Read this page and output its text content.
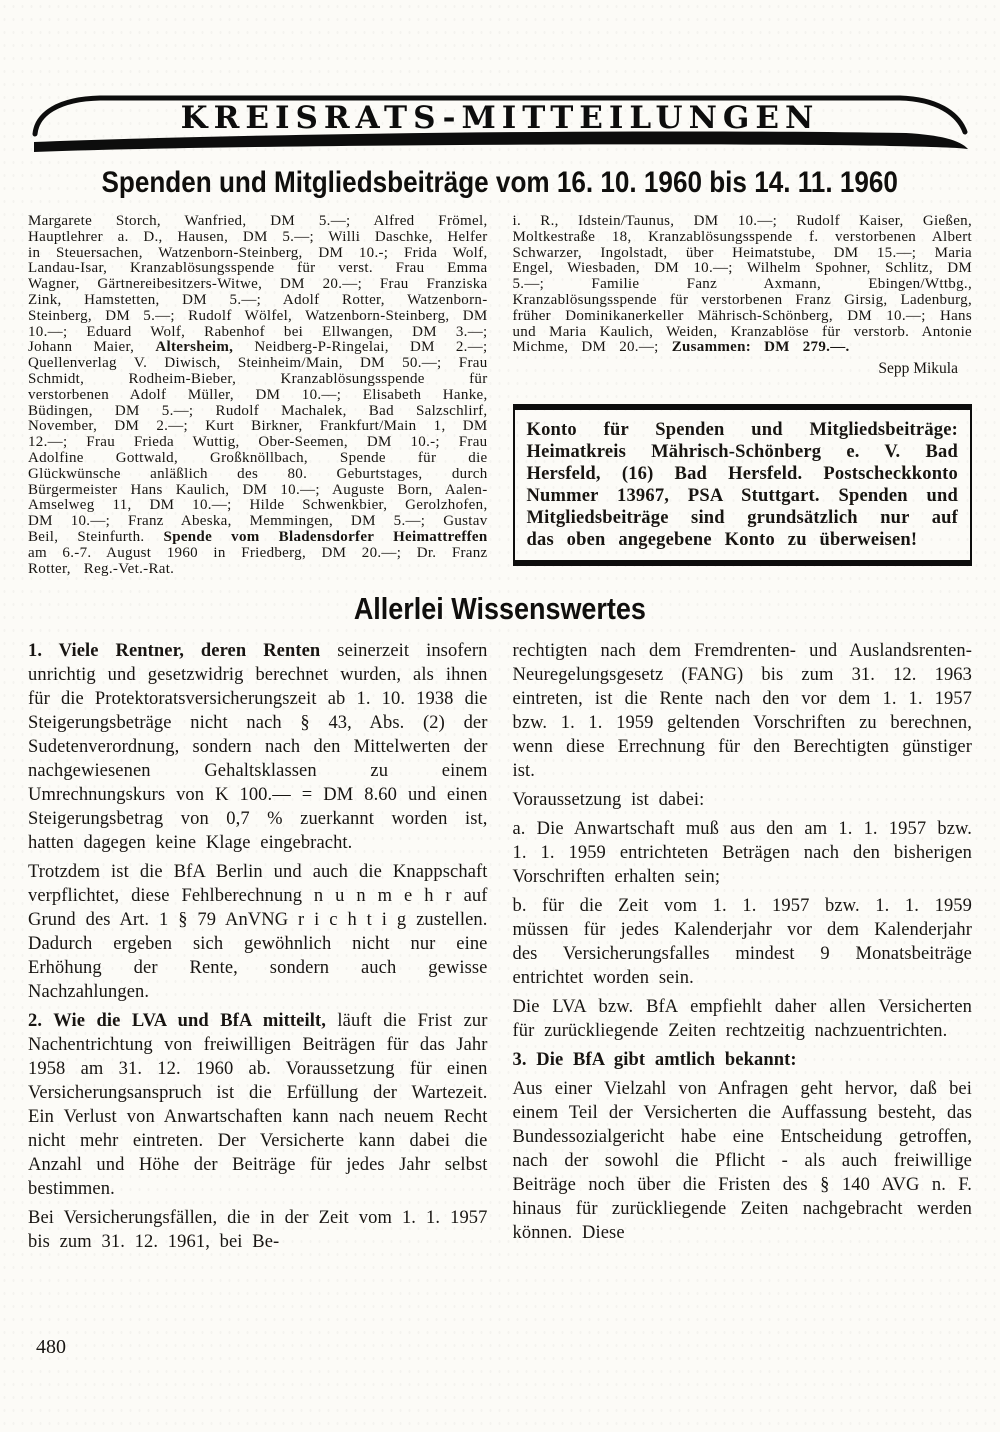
KREISRATS-MITTEILUNGEN
Spenden und Mitgliedsbeiträge vom 16. 10. 1960 bis 14. 11. 1960
Margarete Storch, Wanfried, DM 5.—; Alfred Frömel, Hauptlehrer a. D., Hausen, DM 5.—; Willi Daschke, Helfer in Steuersachen, Watzenborn-Steinberg, DM 10.-; Frida Wolf, Landau-Isar, Kranzablösungsspende für verst. Frau Emma Wagner, Gärtnereibesitzers-Witwe, DM 20.—; Frau Franziska Zink, Hamstetten, DM 5.—; Adolf Rotter, Watzenborn-Steinberg, DM 5.—; Rudolf Wölfel, Watzenborn-Steinberg, DM 10.—; Eduard Wolf, Rabenhof bei Ellwangen, DM 3.—; Johann Maier, Altersheim, Neidberg-P-Ringelai, DM 2.—; Quellenverlag V. Diwisch, Steinheim/Main, DM 50.—; Frau Schmidt, Rodheim-Bieber, Kranzablösungsspende für verstorbenen Adolf Müller, DM 10.—; Elisabeth Hanke, Büdingen, DM 5.—; Rudolf Machalek, Bad Salzschlirf, November, DM 2.—; Kurt Birkner, Frankfurt/Main 1, DM 12.—; Frau Frieda Wuttig, Ober-Seemen, DM 10.-; Frau Adolfine Gottwald, Großknöllbach, Spende für die Glückwünsche anläßlich des 80. Geburtstages, durch Bürgermeister Hans Kaulich, DM 10.—; Auguste Born, Aalen-Amselweg 11, DM 10.—; Hilde Schwenkbier, Gerolzhofen, DM 10.—; Franz Abeska, Memmingen, DM 5.—; Gustav Beil, Steinfurth. Spende vom Bladensdorfer Heimattreffen am 6.-7. August 1960 in Friedberg, DM 20.—; Dr. Franz Rotter, Reg.-Vet.-Rat.
i. R., Idstein/Taunus, DM 10.—; Rudolf Kaiser, Gießen, Moltkestraße 18, Kranzablösungsspende f. verstorbenen Albert Schwarzer, Ingolstadt, über Heimatstube, DM 15.—; Maria Engel, Wiesbaden, DM 10.—; Wilhelm Spohner, Schlitz, DM 5.—; Familie Fanz Axmann, Ebingen/Wttbg., Kranzablösungsspende für verstorbenen Franz Girsig, Ladenburg, früher Dominikanerkeller Mährisch-Schönberg, DM 10.—; Hans und Maria Kaulich, Weiden, Kranzablöse für verstorb. Antonie Michme, DM 20.—; Zusammen: DM 279.—.
Sepp Mikula
Konto für Spenden und Mitgliedsbeiträge: Heimatkreis Mährisch-Schönberg e. V. Bad Hersfeld, (16) Bad Hersfeld. Postscheckkonto Nummer 13967, PSA Stuttgart. Spenden und Mitgliedsbeiträge sind grundsätzlich nur auf das oben angegebene Konto zu überweisen!
Allerlei Wissenswertes

1. Viele Rentner, deren Renten seinerzeit insofern unrichtig und gesetzwidrig berechnet wurden, als ihnen für die Protektoratsversicherungszeit ab 1. 10. 1938 die Steigerungsbeträge nicht nach § 43, Abs. (2) der Sudetenverordnung, sondern nach den Mittelwerten der nachgewiesenen Gehaltsklassen zu einem Umrechnungskurs von K 100.— = DM 8.60 und einen Steigerungsbetrag von 0,7 % zuerkannt worden ist, hatten dagegen keine Klage eingebracht.

Trotzdem ist die BfA Berlin und auch die Knappschaft verpflichtet, diese Fehlberechnung n u n m e h r auf Grund des Art. 1 § 79 AnVNG r i c h t i g zustellen. Dadurch ergeben sich gewöhnlich nicht nur eine Erhöhung der Rente, sondern auch gewisse Nachzahlungen.

2. Wie die LVA und BfA mitteilt, läuft die Frist zur Nachentrichtung von freiwilligen Beiträgen für das Jahr 1958 am 31. 12. 1960 ab. Voraussetzung für einen Versicherungsanspruch ist die Erfüllung der Wartezeit. Ein Verlust von Anwartschaften kann nach neuem Recht nicht mehr eintreten. Der Versicherte kann dabei die Anzahl und Höhe der Beiträge für jedes Jahr selbst bestimmen.

Bei Versicherungsfällen, die in der Zeit vom 1. 1. 1957 bis zum 31. 12. 1961, bei Be-

rechtigten nach dem Fremdrenten- und Auslandsrenten-Neuregelungsgesetz (FANG) bis zum 31. 12. 1963 eintreten, ist die Rente nach den vor dem 1. 1. 1957 bzw. 1. 1. 1959 geltenden Vorschriften zu berechnen, wenn diese Errechnung für den Berechtigten günstiger ist.

Voraussetzung ist dabei:

a. Die Anwartschaft muß aus den am 1. 1. 1957 bzw. 1. 1. 1959 entrichteten Beträgen nach den bisherigen Vorschriften erhalten sein;

b. für die Zeit vom 1. 1. 1957 bzw. 1. 1. 1959 müssen für jedes Kalenderjahr vor dem Kalenderjahr des Versicherungsfalles mindest 9 Monatsbeiträge entrichtet worden sein.

Die LVA bzw. BfA empfiehlt daher allen Versicherten für zurückliegende Zeiten rechtzeitig nachzuentrichten.

3. Die BfA gibt amtlich bekannt:

Aus einer Vielzahl von Anfragen geht hervor, daß bei einem Teil der Versicherten die Auffassung besteht, das Bundessozialgericht habe eine Entscheidung getroffen, nach der sowohl die Pflicht - als auch freiwillige Beiträge noch über die Fristen des § 140 AVG n. F. hinaus für zurückliegende Zeiten nachgebracht werden können. Diese

480
